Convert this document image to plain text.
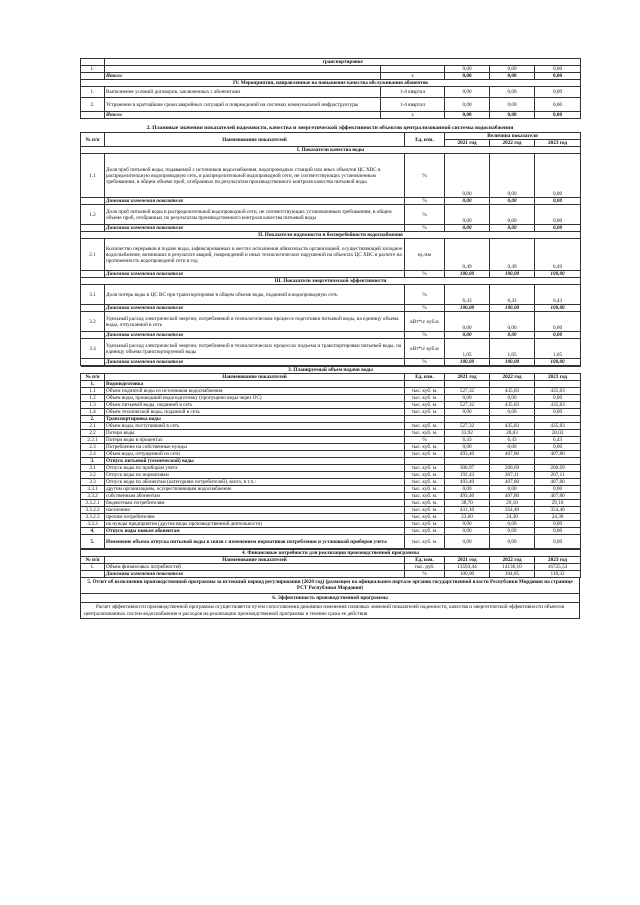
	транспортировке				
1.			0,00	0,00	0,00
	Итого:	x	0,00	0,00	0,00
IV. Мероприятия, направленные на повышение качества обслуживания абонентов					
1.	Выполнение условий договоров, заключенных с абонентами	1-4 квартал	0,00	0,00	0,00
2.	Устранение в кратчайшие сроки аварийных ситуаций и повреждений на системах коммунальной инфраструктуры	1-4 квартал	0,00	0,00	0,00
	Итого:	x	0,00	0,00	0,00

2. Плановые значения показателей надежности, качества и энергетической эффективности объектов централизованной системы водоснабжения

№ п/п	Наименование показателей	Ед. изм.	Величина показателя		
			2021 год	2022 год	2023 год
I. Показатели качества воды					
1.1	Доля проб питьевой воды, подаваемой с источников водоснабжения, водопроводных станций или иных объектов ЦС ХВС в распределительную водопроводную сеть, в распределительной водопроводной сети, не соответствующих установленным требованиям, в общем объеме проб, отобранных по результатам производственного контроля качества питьевой воды	%	0,00	0,00	0,00
	Динамика изменения показателя	%	0,00	0,00	0,00
1.2	Доля проб питьевой воды в распределительной водопроводной сети, не соответствующих установленным требованиям, в общем объеме проб, отобранных по результатам производственного контроля качества питьевой воды	%	0,00	0,00	0,00
	Динамика изменения показателя	%	0,00	0,00	0,00
II. Показатели надежности и бесперебойности водоснабжения					
2.1	Количество перерывов в подаче воды, зафиксированных в местах исполнения обязательств организацией, осуществляющей холодное водоснабжение, возникших в результате аварий, повреждений и иных технологических нарушений на объектах ЦС ХВС в расчете на протяженность водопроводной сети в год	ед./км	0,49	0,49	0,49
	Динамика изменения показателя	%	100,00	100,00	100,00
III. Показатели энергетической эффективности					
3.1	Доля потерь воды в ЦС ВС при транспортировке в общем объеме воды, поданной в водопроводную сеть	%	6,43	6,43	6,43
	Динамика изменения показателя	%	100,00	100,00	100,00
3.2	Удельный расход электрической энергии, потребляемой в технологическом процессе подготовки питьевой воды, на единицу объема воды, отпускаемой в сеть	кВт*ч/ куб.м	0,00	0,00	0,00
	Динамика изменения показателя	%	0,00	0,00	0,00
3.3	Удельный расход электрической энергии, потребляемой в технологических процессах подъема и транспортировки питьевой воды, на единицу объема транспортируемой воды	кВт*ч/ куб.м	1,05	1,05	1,05
	Динамика изменения показателя	%	100,00	100,00	100,00
3. Планируемый объем подачи воды					
№ п/п	Наименование показателей	Ед. изм.	2021 год	2022 год	2023 год
1.	Водоподготовка				
1.1	Объем поднятой воды из источников водоснабжения	тыс. куб. м.	527,32	435,83	435,83
1.2	Объем воды, прошедший водоподготовку (пропущено воды через ОС)	тыс. куб. м.	0,00	0,00	0,00
1.3	Объем питьевой воды, поданной в сеть	тыс. куб. м.	527,32	435,83	435,83
1.4	Объем технической воды, поданной в сеть	тыс. куб. м.	0,00	0,00	0,00
2.	Транспортировка воды				
2.1	Объем воды, поступившей в сеть	тыс. куб. м.	527,32	435,83	435,83
2.2	Потери воды	тыс. куб. м.	33,92	28,03	28,03
2.2.1	Потери воды в процентах	%	6,43	6,43	6,43
2.3	Потребление на собственные нужды	тыс. куб. м.	0,00	0,00	0,00
2.4	Объем воды, отпущенной из сети	тыс. куб. м.	493,40	407,80	407,80
3.	Отпуск питьевой (технической) воды				
3.1	Отпуск воды по приборам учета	тыс. куб. м.	300,97	200,69	200,69
3.2	Отпуск воды по нормативам	тыс. куб. м.	192,43	207,11	207,11
3.3	Отпуск воды по абонентам (категориям потребителей), всего, в т.ч.:	тыс. куб. м.	493,40	407,80	407,80
3.3.1	другим организациям, осуществляющим водоснабжение	тыс. куб. м.	0,00	0,00	0,00
3.3.2	собственным абонентам	тыс. куб. м.	493,40	407,80	407,80
3.3.2.1	бюджетным потребителям	тыс. куб. м.	38,70	29,10	29,10
3.3.2.2	населению	тыс. куб. м.	431,10	354,40	354,40
3.3.2.3	прочим потребителям	тыс. куб. м.	23,60	24,30	24,30
3.3.3	на нужды предприятия (другие виды производственной деятельности)	тыс. куб. м.	0,00	0,00	0,00
4.	Отпуск воды новым абонентам	тыс. куб. м.	0,00	0,00	0,00
5.	Изменение объема отпуска питьевой воды в связи с изменением нормативов потребления и установкой приборов учета	тыс. куб. м.	0,00	0,00	0,00
4. Финансовые потребности для реализации производственной программы					
№ п/п	Наименование показателей	Ед. изм.	2021 год	2022 год	2023 год
1.	Объем финансовых потребностей	тыс. руб.	13593,44	14136,10	16725,53
	Динамика изменения показателя	%	100,00	104,85	118,32
5. Отчет об исполнении производственной программы за истекший период регулирования (2020 год) (размещен на официальном портале органов государственной власти Республики Мордовия на странице РСТ Республики Мордовия)
6. Эффективность производственной программы
Расчет эффективности производственной программы осуществляется путем сопоставления динамики изменения плановых значений показателей надежности, качества и энергетической эффективности объектов централизованных систем водоснабжения и расходов на реализацию производственной программы в течение срока ее действия
